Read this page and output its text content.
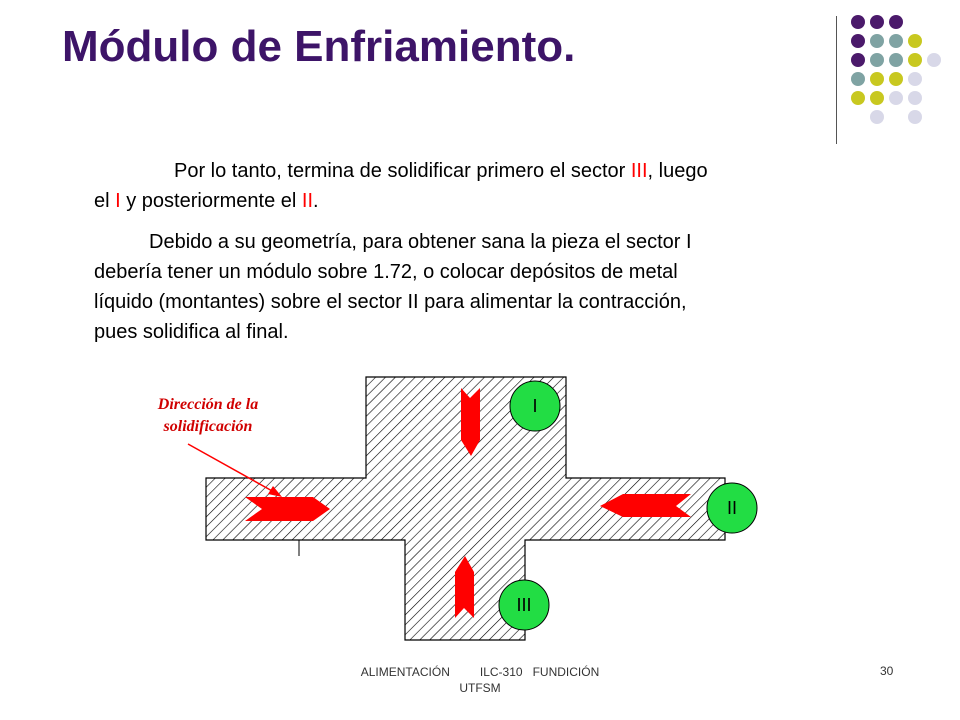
Módulo de Enfriamiento.

Por lo tanto, termina de solidificar primero el sector III, luego
el I y posteriormente el II.

Debido a su geometría, para obtener sana la pieza el sector I
debería tener un módulo sobre 1.72, o colocar depósitos de metal
líquido (montantes) sobre el sector II para alimentar la contracción,
pues solidifica al final.

Dirección de la
solidificación
I
II
III
ALIMENTACIÓN         ILC-310   FUNDICIÓN
UTFSM
30
